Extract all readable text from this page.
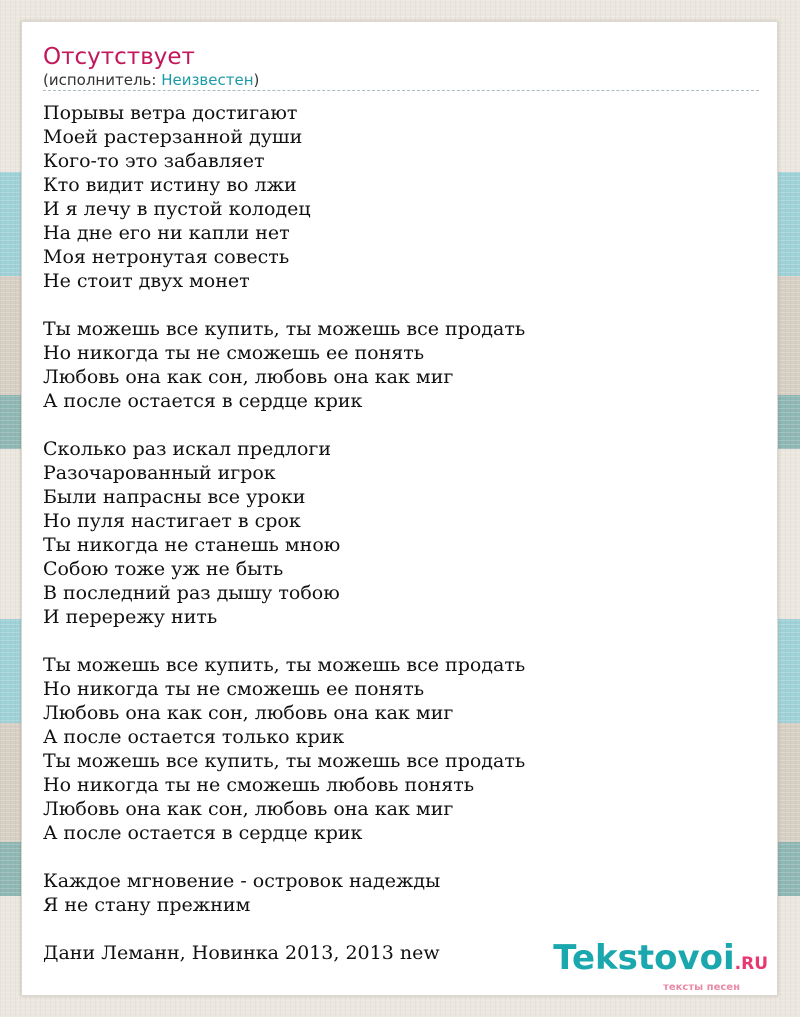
Отсутствует
(исполнитель: Неизвестен)
Порывы ветра достигают
Моей растерзанной души
Кого-то это забавляет
Кто видит истину во лжи
И я лечу в пустой колодец
На дне его ни капли нет
Моя нетронутая совесть
Не стоит двух монет
Ты можешь все купить, ты можешь все продать
Но никогда ты не сможешь ее понять
Любовь она как сон, любовь она как миг
А после остается в сердце крик
Сколько раз искал предлоги
Разочарованный игрок
Были напрасны все уроки
Но пуля настигает в срок
Ты никогда не станешь мною
Собою тоже уж не быть
В последний раз дышу тобою
И перережу нить
Ты можешь все купить, ты можешь все продать
Но никогда ты не сможешь ее понять
Любовь она как сон, любовь она как миг
А после остается только крик
Ты можешь все купить, ты можешь все продать
Но никогда ты не сможешь любовь понять
Любовь она как сон, любовь она как миг
А после остается в сердце крик
Каждое мгновение - островок надежды
Я не стану прежним
Дани Леманн, Новинка 2013, 2013 new	Tekstovoi.RU
тексты песен
